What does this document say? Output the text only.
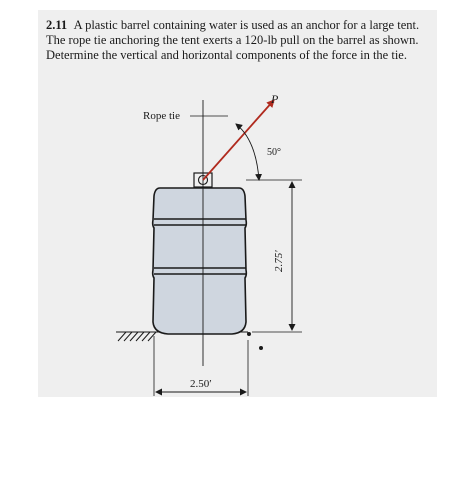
2.11 A plastic barrel containing water is used as an anchor for a large tent. The rope tie anchoring the tent exerts a 120-lb pull on the barrel as shown. Determine the vertical and horizontal components of the force in the tie.
P
50°
Rope tie
2.75′
2.50′
